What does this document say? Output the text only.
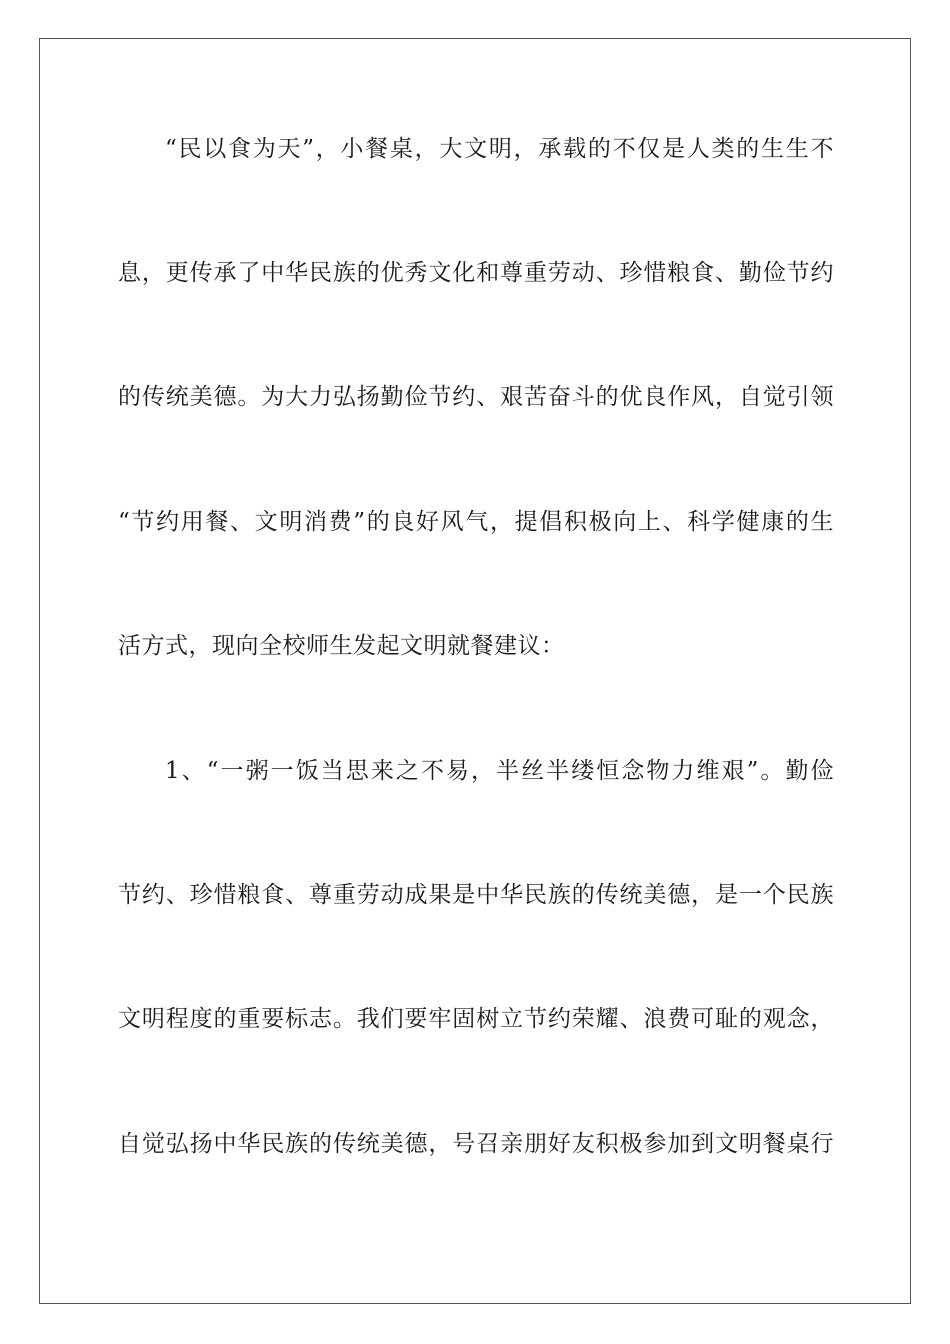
“民以食为天”，小餐桌，大文明，承载的不仅是人类的生生不
息，更传承了中华民族的优秀文化和尊重劳动、珍惜粮食、勤俭节约
的传统美德。为大力弘扬勤俭节约、艰苦奋斗的优良作风，自觉引领
“节约用餐、文明消费”的良好风气，提倡积极向上、科学健康的生
活方式，现向全校师生发起文明就餐建议：
1、“一粥一饭当思来之不易，半丝半缕恒念物力维艰”。勤俭
节约、珍惜粮食、尊重劳动成果是中华民族的传统美德，是一个民族
文明程度的重要标志。我们要牢固树立节约荣耀、浪费可耻的观念，
自觉弘扬中华民族的传统美德，号召亲朋好友积极参加到文明餐桌行
